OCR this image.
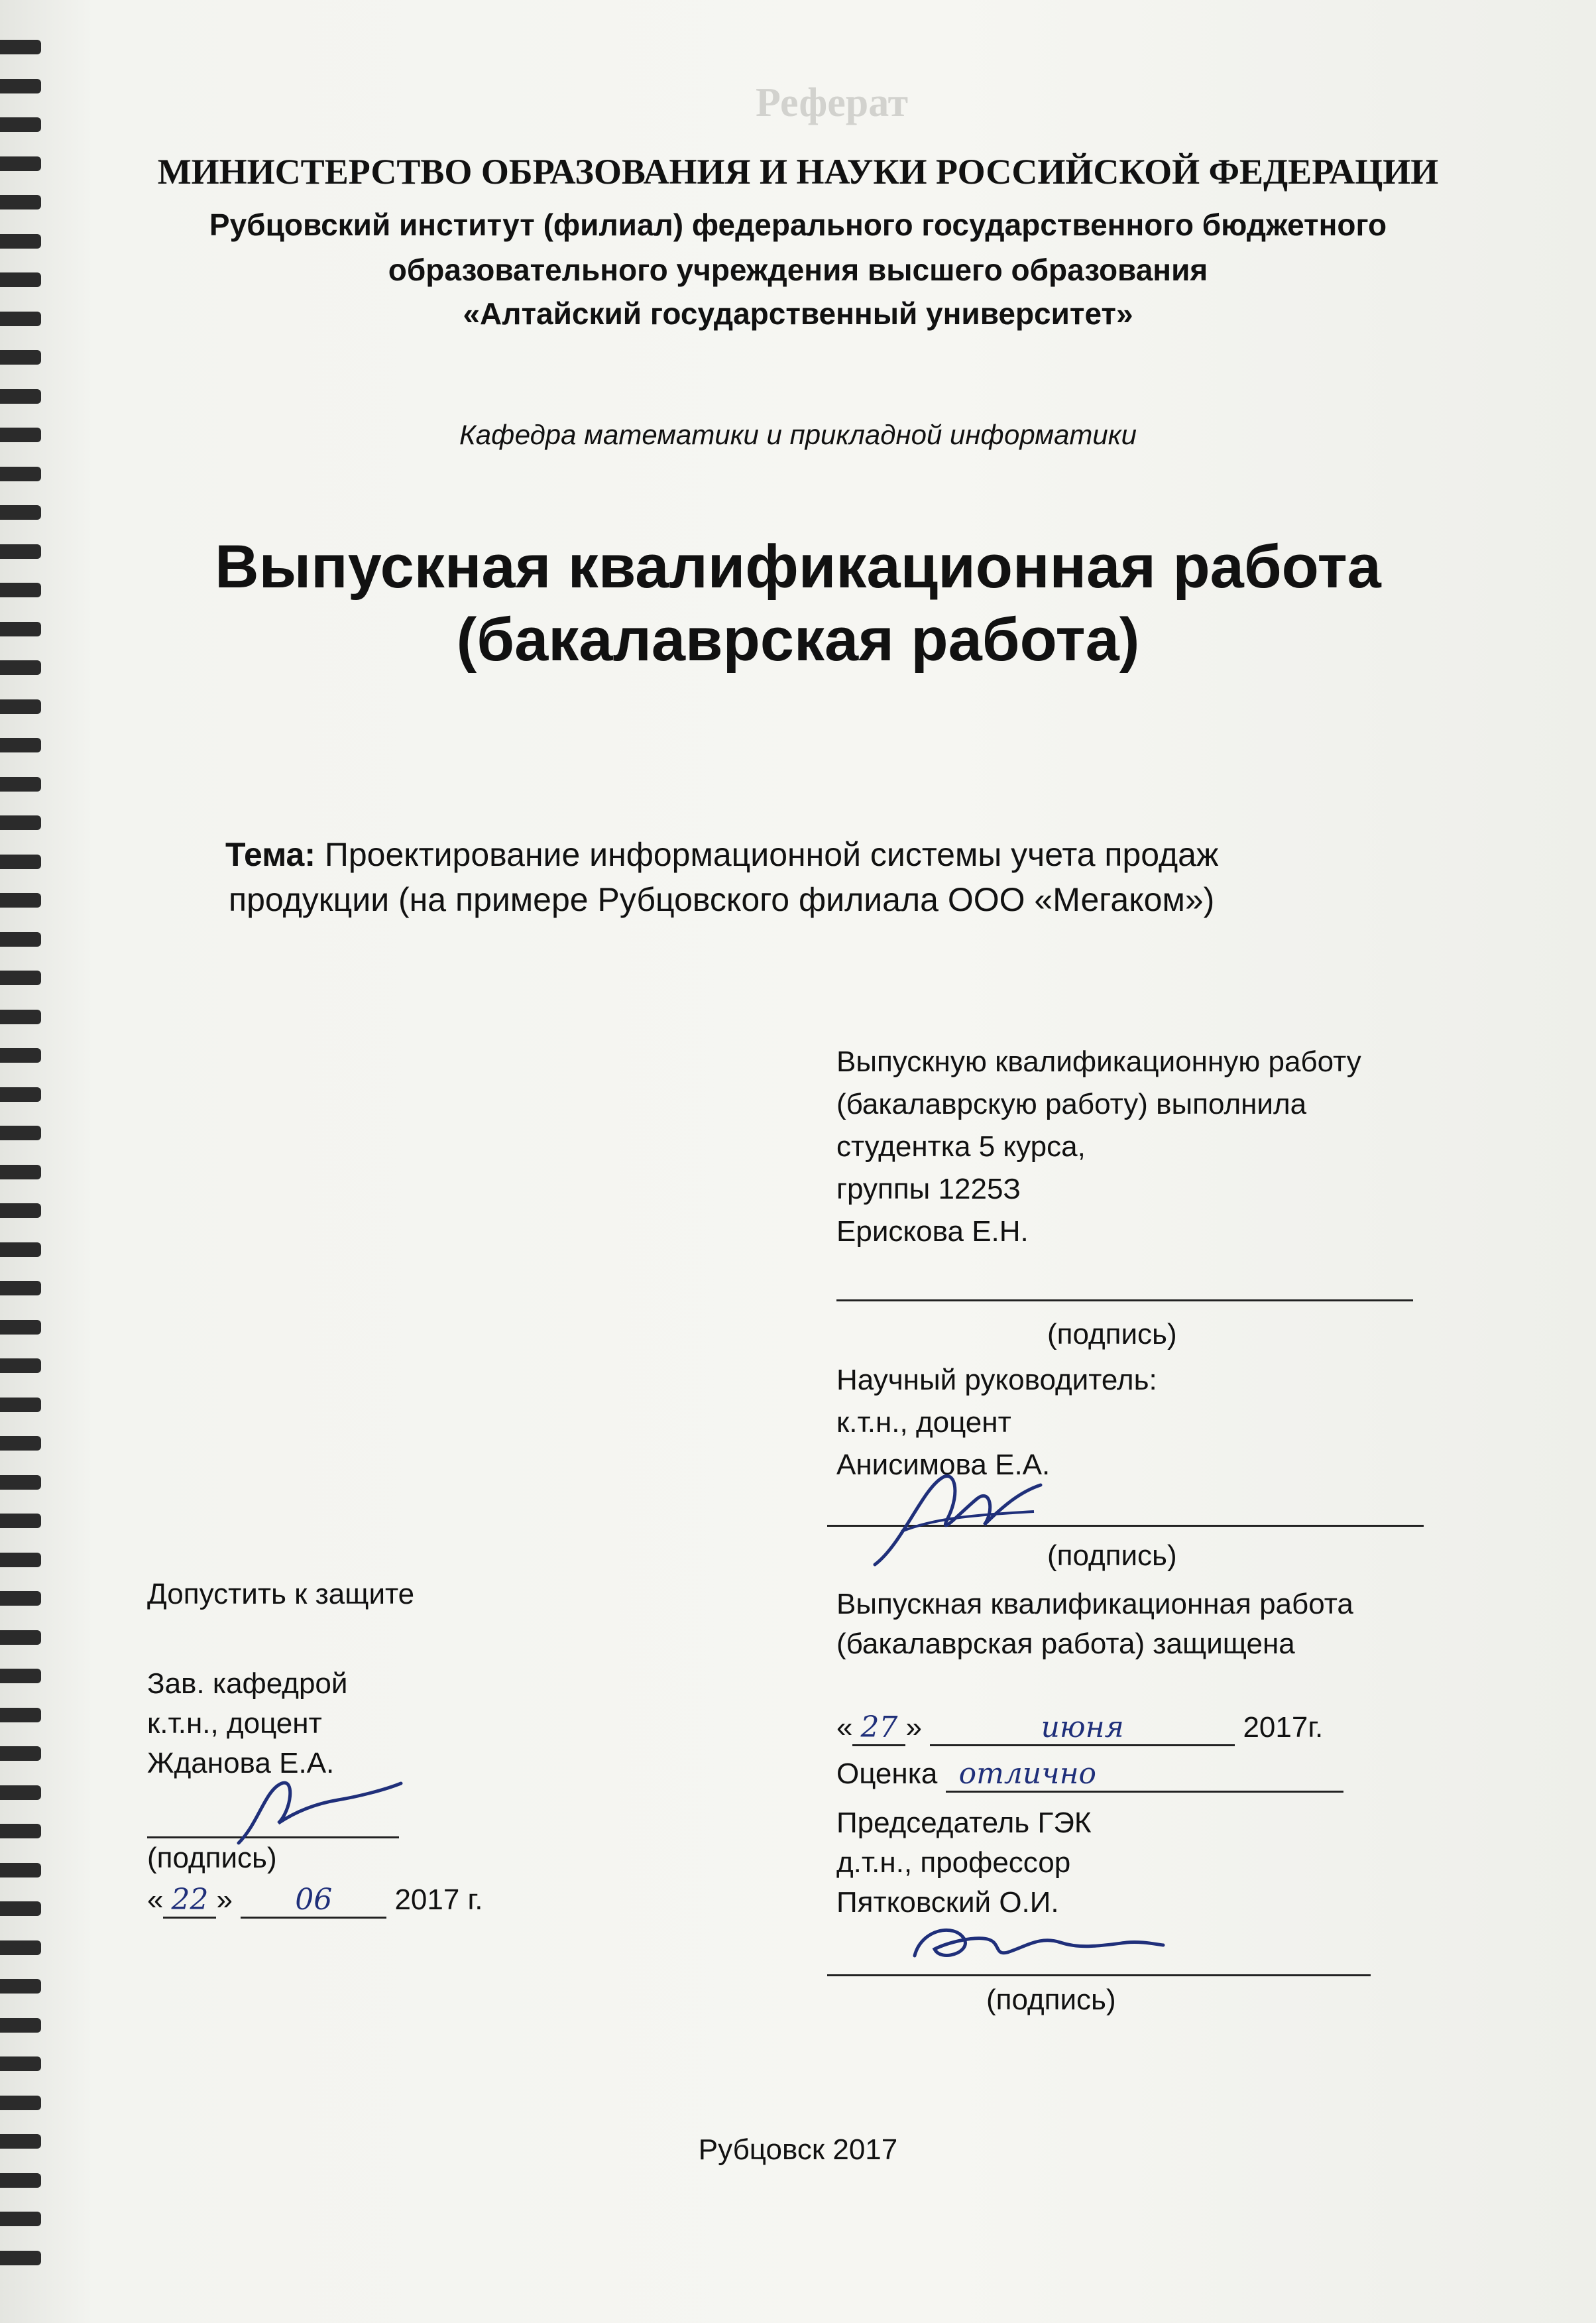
Реферат

МИНИСТЕРСТВО ОБРАЗОВАНИЯ И НАУКИ РОССИЙСКОЙ ФЕДЕРАЦИИ
Рубцовский институт (филиал) федерального государственного бюджетного
образовательного учреждения высшего образования
«Алтайский государственный университет»
Кафедра математики и прикладной информатики
Выпускная квалификационная работа
(бакалаврская работа)
Тема: Проектирование информационной системы учета продаж
продукции (на примере Рубцовского филиала ООО «Мегаком»)
Выпускную квалификационную работу
(бакалаврскую работу) выполнила
студентка 5 курса,
группы 1225З
Ерискова Е.Н.
(подпись)
Научный руководитель:
к.т.н., доцент
Анисимова Е.А.
(подпись)
Допустить к защите
Зав. кафедрой
к.т.н., доцент
Жданова Е.А.
(подпись)
« 22 » 06 2017 г.
Выпускная квалификационная работа
(бакалаврская работа) защищена
« 27 »	июня	2017г.
Оценка отлично
Председатель ГЭК
д.т.н., профессор
Пятковский О.И.
(подпись)
Рубцовск 2017
